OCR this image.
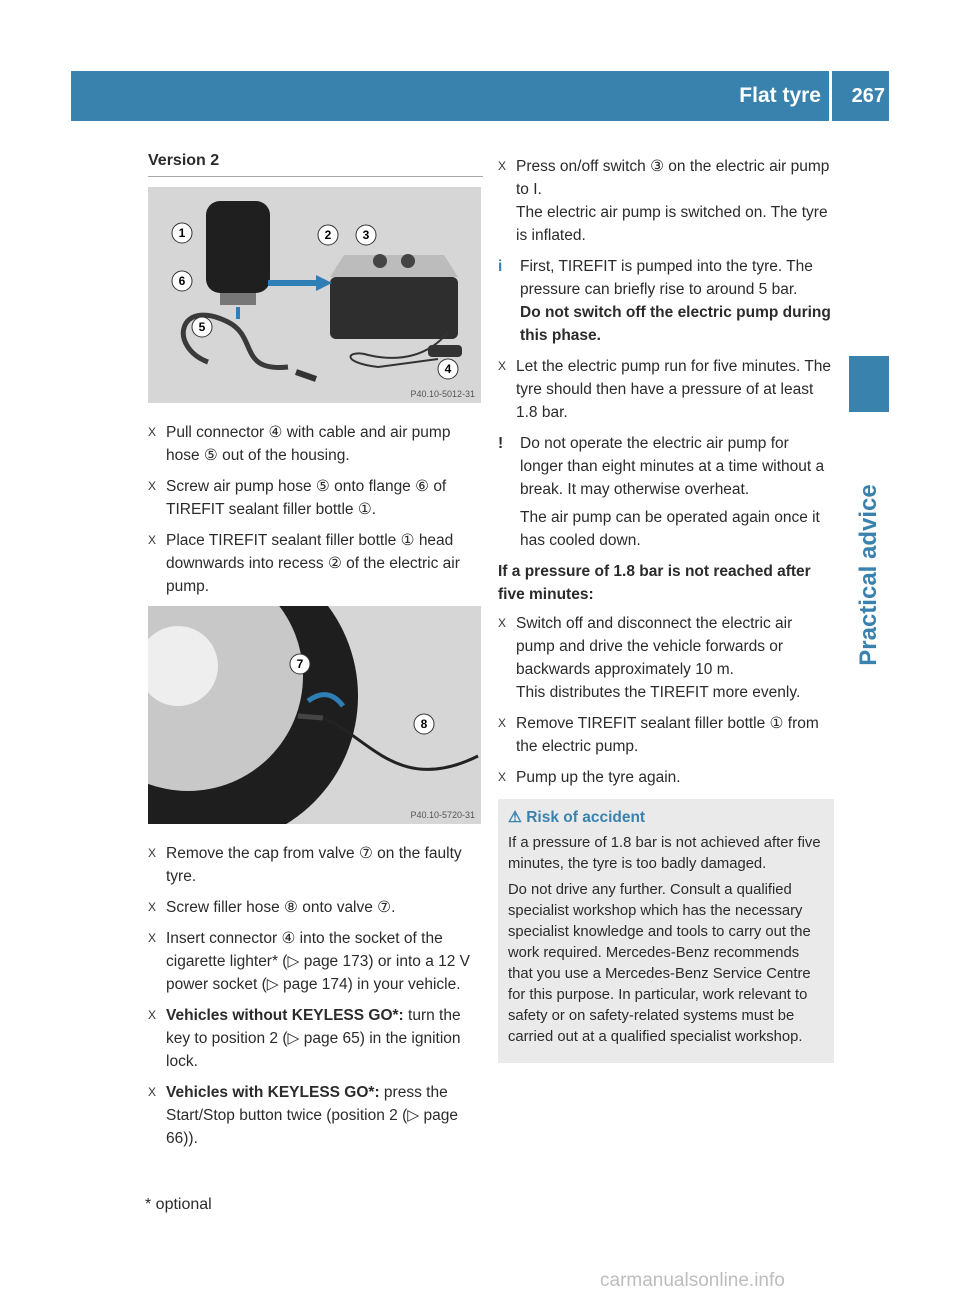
Flat tyre 267
Practical advice
Version 2
1	2	3
4
5
6
P40.10-5012-31
X Pull connector ④ with cable and air pump hose ⑤ out of the housing.
X Screw air pump hose ⑤ onto flange ⑥ of TIREFIT sealant filler bottle ①.
X Place TIREFIT sealant filler bottle ① head downwards into recess ② of the electric air pump.
7
8
P40.10-5720-31
X Remove the cap from valve ⑦ on the faulty tyre.
X Screw filler hose ⑧ onto valve ⑦.
X Insert connector ④ into the socket of the cigarette lighter* (▷ page 173) or into a 12 V power socket (▷ page 174) in your vehicle.
X Vehicles without KEYLESS GO*: turn the key to position 2 (▷ page 65) in the ignition lock.
X Vehicles with KEYLESS GO*: press the Start/Stop button twice (position 2 (▷ page 66)).
X Press on/off switch ③ on the electric air pump to I.
The electric air pump is switched on. The tyre is inflated.
i First, TIREFIT is pumped into the tyre. The pressure can briefly rise to around 5 bar.
Do not switch off the electric pump during this phase.
X Let the electric pump run for five minutes. The tyre should then have a pressure of at least 1.8 bar.
! Do not operate the electric air pump for longer than eight minutes at a time without a break. It may otherwise overheat.
The air pump can be operated again once it has cooled down.
If a pressure of 1.8 bar is not reached after five minutes:
X Switch off and disconnect the electric air pump and drive the vehicle forwards or backwards approximately 10 m.
This distributes the TIREFIT more evenly.
X Remove TIREFIT sealant filler bottle ① from the electric pump.
X Pump up the tyre again.
⚠ Risk of accident

If a pressure of 1.8 bar is not achieved after five minutes, the tyre is too badly damaged.

Do not drive any further. Consult a qualified specialist workshop which has the necessary specialist knowledge and tools to carry out the work required. Mercedes-Benz recommends that you use a Mercedes-Benz Service Centre for this purpose. In particular, work relevant to safety or on safety-related systems must be carried out at a qualified specialist workshop.

* optional
carmanualsonline.info
